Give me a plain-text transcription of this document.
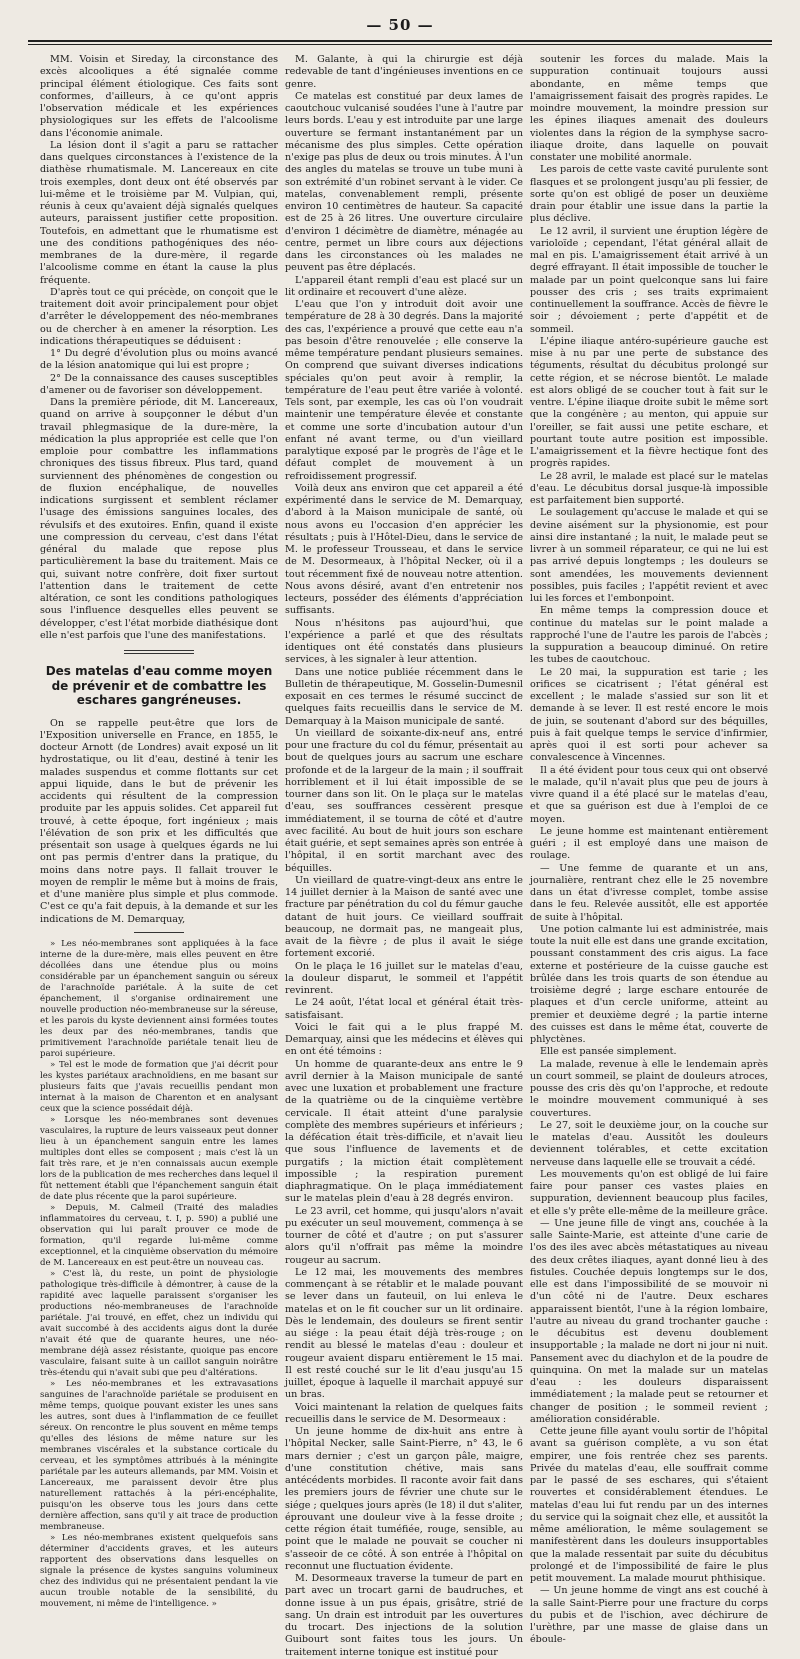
— 50 —

MM. Voisin et Sireday, la circonstance des excès alcooliques a été signalée comme principal élément étiologique. Ces faits sont conformes, d'ailleurs, à ce qu'ont appris l'observation médicale et les expériences physiologiques sur les effets de l'alcoolisme dans l'économie animale.

La lésion dont il s'agit a paru se rattacher dans quelques circonstances à l'existence de la diathèse rhumatismale. M. Lancereaux en cite trois exemples, dont deux ont été observés par lui-même et le troisième par M. Vulpian, qui, réunis à ceux qu'avaient déjà signalés quelques auteurs, paraissent justifier cette proposition. Toutefois, en admettant que le rhumatisme est une des conditions pathogéniques des néo-membranes de la dure-mère, il regarde l'alcoolisme comme en étant la cause la plus fréquente.

D'après tout ce qui précède, on conçoit que le traitement doit avoir principalement pour objet d'arrêter le développement des néo-membranes ou de chercher à en amener la résorption. Les indications thérapeutiques se déduisent :

1° Du degré d'évolution plus ou moins avancé de la lésion anatomique qui lui est propre ;

2° De la connaissance des causes susceptibles d'amener ou de favoriser son développement.

Dans la première période, dit M. Lancereaux, quand on arrive à soupçonner le début d'un travail phlegmasique de la dure-mère, la médication la plus appropriée est celle que l'on emploie pour combattre les inflammations chroniques des tissus fibreux. Plus tard, quand surviennent des phénomènes de congestion ou de fluxion encéphalique, de nouvelles indications surgissent et semblent réclamer l'usage des émissions sanguines locales, des révulsifs et des exutoires. Enfin, quand il existe une compression du cerveau, c'est dans l'état général du malade que repose plus particulièrement la base du traitement. Mais ce qui, suivant notre confrère, doit fixer surtout l'attention dans le traitement de cette altération, ce sont les conditions pathologiques sous l'influence desquelles elles peuvent se développer, c'est l'état morbide diathésique dont elle n'est parfois que l'une des manifestations.

Des matelas d'eau comme moyen de prévenir et de combattre les eschares gangréneuses.

On se rappelle peut-être que lors de l'Exposition universelle en France, en 1855, le docteur Arnott (de Londres) avait exposé un lit hydrostatique, ou lit d'eau, destiné à tenir les malades suspendus et comme flottants sur cet appui liquide, dans le but de prévenir les accidents qui résultent de la compression produite par les appuis solides. Cet appareil fut trouvé, à cette époque, fort ingénieux ; mais l'élévation de son prix et les difficultés que présentait son usage à quelques égards ne lui ont pas permis d'entrer dans la pratique, du moins dans notre pays. Il fallait trouver le moyen de remplir le même but à moins de frais, et d'une manière plus simple et plus commode. C'est ce qu'a fait depuis, à la demande et sur les indications de M. Demarquay,

» Les néo-membranes sont appliquées à la face interne de la dure-mère, mais elles peuvent en être décollées dans une étendue plus ou moins considérable par un épanchement sanguin ou séreux de l'arachnoïde pariétale. À la suite de cet épanchement, il s'organise ordinairement une nouvelle production néo-membraneuse sur la séreuse, et les parois du kyste deviennent ainsi formées toutes les deux par des néo-membranes, tandis que primitivement l'arachnoïde pariétale tenait lieu de paroi supérieure.

» Tel est le mode de formation que j'ai décrit pour les kystes pariétaux arachnoïdiens, en me basant sur plusieurs faits que j'avais recueillis pendant mon internat à la maison de Charenton et en analysant ceux que la science possédait déjà.

» Lorsque les néo-membranes sont devenues vasculaires, la rupture de leurs vaisseaux peut donner lieu à un épanchement sanguin entre les lames multiples dont elles se composent ; mais c'est là un fait très rare, et je n'en connaissais aucun exemple lors de la publication de mes recherches dans lequel il fût nettement établi que l'épanchement sanguin était de date plus récente que la paroi supérieure.

» Depuis, M. Calmeil (Traité des maladies inflammatoires du cerveau, t. I, p. 590) a publié une observation qui lui paraît prouver ce mode de formation, qu'il regarde lui-même comme exceptionnel, et la cinquième observation du mémoire de M. Lancereaux en est peut-être un nouveau cas.

» C'est là, du reste, un point de physiologie pathologique très-difficile à démontrer, à cause de la rapidité avec laquelle paraissent s'organiser les productions néo-membraneuses de l'arachnoïde pariétale. J'ai trouvé, en effet, chez un individu qui avait succombé à des accidents aigus dont la durée n'avait été que de quarante heures, une néo-membrane déjà assez résistante, quoique pas encore vasculaire, faisant suite à un caillot sanguin noirâtre très-étendu qui n'avait subi que peu d'altérations.

» Les néo-membranes et les extravasations sanguines de l'arachnoïde pariétale se produisent en même temps, quoique pouvant exister les unes sans les autres, sont dues à l'inflammation de ce feuillet séreux. On rencontre le plus souvent en même temps qu'elles des lésions de même nature sur les membranes viscérales et la substance corticale du cerveau, et les symptômes attribués à la méningite pariétale par les auteurs allemands, par MM. Voisin et Lancereaux, me paraissent devoir être plus naturellement rattachés à la péri-encéphalite, puisqu'on les observe tous les jours dans cette dernière affection, sans qu'il y ait trace de production membraneuse.

» Les néo-membranes existent quelquefois sans déterminer d'accidents graves, et les auteurs rapportent des observations dans lesquelles on signale la présence de kystes sanguins volumineux chez des individus qui ne présentaient pendant la vie aucun trouble notable de la sensibilité, du mouvement, ni même de l'intelligence. »

M. Galante, à qui la chirurgie est déjà redevable de tant d'ingénieuses inventions en ce genre.

Ce matelas est constitué par deux lames de caoutchouc vulcanisé soudées l'une à l'autre par leurs bords. L'eau y est introduite par une large ouverture se fermant instantanément par un mécanisme des plus simples. Cette opération n'exige pas plus de deux ou trois minutes. À l'un des angles du matelas se trouve un tube muni à son extrémité d'un robinet servant à le vider. Ce matelas, convenablement rempli, présente environ 10 centimètres de hauteur. Sa capacité est de 25 à 26 litres. Une ouverture circulaire d'environ 1 décimètre de diamètre, ménagée au centre, permet un libre cours aux déjections dans les circonstances où les malades ne peuvent pas être déplacés.

L'appareil étant rempli d'eau est placé sur un lit ordinaire et recouvert d'une alèze.

L'eau que l'on y introduit doit avoir une température de 28 à 30 degrés. Dans la majorité des cas, l'expérience a prouvé que cette eau n'a pas besoin d'être renouvelée ; elle conserve la même température pendant plusieurs semaines. On comprend que suivant diverses indications spéciales qu'on peut avoir à remplir, la température de l'eau peut être variée à volonté. Tels sont, par exemple, les cas où l'on voudrait maintenir une température élevée et constante et comme une sorte d'incubation autour d'un enfant né avant terme, ou d'un vieillard paralytique exposé par le progrès de l'âge et le défaut complet de mouvement à un refroidissement progressif.

Voilà deux ans environ que cet appareil a été expérimenté dans le service de M. Demarquay, d'abord à la Maison municipale de santé, où nous avons eu l'occasion d'en apprécier les résultats ; puis à l'Hôtel-Dieu, dans le service de M. le professeur Trousseau, et dans le service de M. Desormeaux, à l'hôpital Necker, où il a tout récemment fixé de nouveau notre attention. Nous avons désiré, avant d'en entretenir nos lecteurs, posséder des éléments d'appréciation suffisants.

Nous n'hésitons pas aujourd'hui, que l'expérience a parlé et que des résultats identiques ont été constatés dans plusieurs services, à les signaler à leur attention.

Dans une notice publiée récemment dans le Bulletin de thérapeutique, M. Gosselin-Dumesnil exposait en ces termes le résumé succinct de quelques faits recueillis dans le service de M. Demarquay à la Maison municipale de santé.

Un vieillard de soixante-dix-neuf ans, entré pour une fracture du col du fémur, présentait au bout de quelques jours au sacrum une eschare profonde et de la largeur de la main ; il souffrait horriblement et il lui était impossible de se tourner dans son lit. On le plaça sur le matelas d'eau, ses souffrances cessèrent presque immédiatement, il se tourna de côté et d'autre avec facilité. Au bout de huit jours son eschare était guérie, et sept semaines après son entrée à l'hôpital, il en sortit marchant avec des béquilles.

Un vieillard de quatre-vingt-deux ans entre le 14 juillet dernier à la Maison de santé avec une fracture par pénétration du col du fémur gauche datant de huit jours. Ce vieillard souffrait beaucoup, ne dormait pas, ne mangeait plus, avait de la fièvre ; de plus il avait le siége fortement excorié.

On le plaça le 16 juillet sur le matelas d'eau, la douleur disparut, le sommeil et l'appétit revinrent.

Le 24 août, l'état local et général était très-satisfaisant.

Voici le fait qui a le plus frappé M. Demarquay, ainsi que les médecins et élèves qui en ont été témoins :

Un homme de quarante-deux ans entre le 9 avril dernier à la Maison municipale de santé avec une luxation et probablement une fracture de la quatrième ou de la cinquième vertèbre cervicale. Il était atteint d'une paralysie complète des membres supérieurs et inférieurs ; la défécation était très-difficile, et n'avait lieu que sous l'influence de lavements et de purgatifs ; la miction était complètement impossible ; la respiration purement diaphragmatique. On le plaça immédiatement sur le matelas plein d'eau à 28 degrés environ.

Le 23 avril, cet homme, qui jusqu'alors n'avait pu exécuter un seul mouvement, commença à se tourner de côté et d'autre ; on put s'assurer alors qu'il n'offrait pas même la moindre rougeur au sacrum.

Le 12 mai, les mouvements des membres commençant à se rétablir et le malade pouvant se lever dans un fauteuil, on lui enleva le matelas et on le fit coucher sur un lit ordinaire. Dès le lendemain, des douleurs se firent sentir au siége : la peau était déjà très-rouge ; on rendit au blessé le matelas d'eau : douleur et rougeur avaient disparu entièrement le 15 mai. Il est resté couché sur le lit d'eau jusqu'au 15 juillet, époque à laquelle il marchait appuyé sur un bras.

Voici maintenant la relation de quelques faits recueillis dans le service de M. Desormeaux :

Un jeune homme de dix-huit ans entre à l'hôpital Necker, salle Saint-Pierre, n° 43, le 6 mars dernier ; c'est un garçon pâle, maigre, d'une constitution chétive, mais sans antécédents morbides. Il raconte avoir fait dans les premiers jours de février une chute sur le siége ; quelques jours après (le 18) il dut s'aliter, éprouvant une douleur vive à la fesse droite ; cette région était tuméfiée, rouge, sensible, au point que le malade ne pouvait se coucher ni s'asseoir de ce côté. À son entrée à l'hôpital on reconnut une fluctuation évidente.

M. Desormeaux traverse la tumeur de part en part avec un trocart garni de baudruches, et donne issue à un pus épais, grisâtre, strié de sang. Un drain est introduit par les ouvertures du trocart. Des injections de la solution Guibourt sont faites tous les jours. Un traitement interne tonique est institué pour

soutenir les forces du malade. Mais la suppuration continuait toujours aussi abondante, en même temps que l'amaigrissement faisait des progrès rapides. Le moindre mouvement, la moindre pression sur les épines iliaques amenait des douleurs violentes dans la région de la symphyse sacro-iliaque droite, dans laquelle on pouvait constater une mobilité anormale.

Les parois de cette vaste cavité purulente sont flasques et se prolongent jusqu'au pli fessier, de sorte qu'on est obligé de poser un deuxième drain pour établir une issue dans la partie la plus déclive.

Le 12 avril, il survient une éruption légère de varioloïde ; cependant, l'état général allait de mal en pis. L'amaigrissement était arrivé à un degré effrayant. Il était impossible de toucher le malade par un point quelconque sans lui faire pousser des cris ; ses traits exprimaient continuellement la souffrance. Accès de fièvre le soir ; dévoiement ; perte d'appétit et de sommeil.

L'épine iliaque antéro-supérieure gauche est mise à nu par une perte de substance des téguments, résultat du décubitus prolongé sur cette région, et se nécrose bientôt. Le malade est alors obligé de se coucher tout à fait sur le ventre. L'épine iliaque droite subit le même sort que la congénère ; au menton, qui appuie sur l'oreiller, se fait aussi une petite eschare, et pourtant toute autre position est impossible. L'amaigrissement et la fièvre hectique font des progrès rapides.

Le 28 avril, le malade est placé sur le matelas d'eau. Le décubitus dorsal jusque-là impossible est parfaitement bien supporté.

Le soulagement qu'accuse le malade et qui se devine aisément sur la physionomie, est pour ainsi dire instantané ; la nuit, le malade peut se livrer à un sommeil réparateur, ce qui ne lui est pas arrivé depuis longtemps ; les douleurs se sont amendées, les mouvements deviennent possibles, puis faciles ; l'appétit revient et avec lui les forces et l'embonpoint.

En même temps la compression douce et continue du matelas sur le point malade a rapproché l'une de l'autre les parois de l'abcès ; la suppuration a beaucoup diminué. On retire les tubes de caoutchouc.

Le 20 mai, la suppuration est tarie ; les orifices se cicatrisent ; l'état général est excellent ; le malade s'assied sur son lit et demande à se lever. Il est resté encore le mois de juin, se soutenant d'abord sur des béquilles, puis à fait quelque temps le service d'infirmier, après quoi il est sorti pour achever sa convalescence à Vincennes.

Il a été évident pour tous ceux qui ont observé le malade, qu'il n'avait plus que peu de jours à vivre quand il a été placé sur le matelas d'eau, et que sa guérison est due à l'emploi de ce moyen.

Le jeune homme est maintenant entièrement guéri ; il est employé dans une maison de roulage.

— Une femme de quarante et un ans, journalière, rentrant chez elle le 25 novembre dans un état d'ivresse complet, tombe assise dans le feu. Relevée aussitôt, elle est apportée de suite à l'hôpital.

Une potion calmante lui est administrée, mais toute la nuit elle est dans une grande excitation, poussant constamment des cris aigus. La face externe et postérieure de la cuisse gauche est brûlée dans les trois quarts de son étendue au troisième degré ; large eschare entourée de plaques et d'un cercle uniforme, atteint au premier et deuxième degré ; la partie interne des cuisses est dans le même état, couverte de phlyctènes.

Elle est pansée simplement.

La malade, revenue à elle le lendemain après un court sommeil, se plaint de douleurs atroces, pousse des cris dès qu'on l'approche, et redoute le moindre mouvement communiqué à ses couvertures.

Le 27, soit le deuxième jour, on la couche sur le matelas d'eau. Aussitôt les douleurs deviennent tolérables, et cette excitation nerveuse dans laquelle elle se trouvait a cédé.

Les mouvements qu'on est obligé de lui faire faire pour panser ces vastes plaies en suppuration, deviennent beaucoup plus faciles, et elle s'y prête elle-même de la meilleure grâce.

— Une jeune fille de vingt ans, couchée à la salle Sainte-Marie, est atteinte d'une carie de l'os des iles avec abcès métastatiques au niveau des deux crêtes iliaques, ayant donné lieu à des fistules. Couchée depuis longtemps sur le dos, elle est dans l'impossibilité de se mouvoir ni d'un côté ni de l'autre. Deux eschares apparaissent bientôt, l'une à la région lombaire, l'autre au niveau du grand trochanter gauche : le décubitus est devenu doublement insupportable ; la malade ne dort ni jour ni nuit. Pansement avec du diachylon et de la poudre de quinquina. On met la malade sur un matelas d'eau : les douleurs disparaissent immédiatement ; la malade peut se retourner et changer de position ; le sommeil revient ; amélioration considérable.

Cette jeune fille ayant voulu sortir de l'hôpital avant sa guérison complète, a vu son état empirer, une fois rentrée chez ses parents. Privée du matelas d'eau, elle souffrait comme par le passé de ses eschares, qui s'étaient rouvertes et considérablement étendues. Le matelas d'eau lui fut rendu par un des internes du service qui la soignait chez elle, et aussitôt la même amélioration, le même soulagement se manifestèrent dans les douleurs insupportables que la malade ressentait par suite du décubitus prolongé et de l'impossibilité de faire le plus petit mouvement. La malade mourut phthisique.

— Un jeune homme de vingt ans est couché à la salle Saint-Pierre pour une fracture du corps du pubis et de l'ischion, avec déchirure de l'urèthre, par une masse de glaise dans un éboule-
